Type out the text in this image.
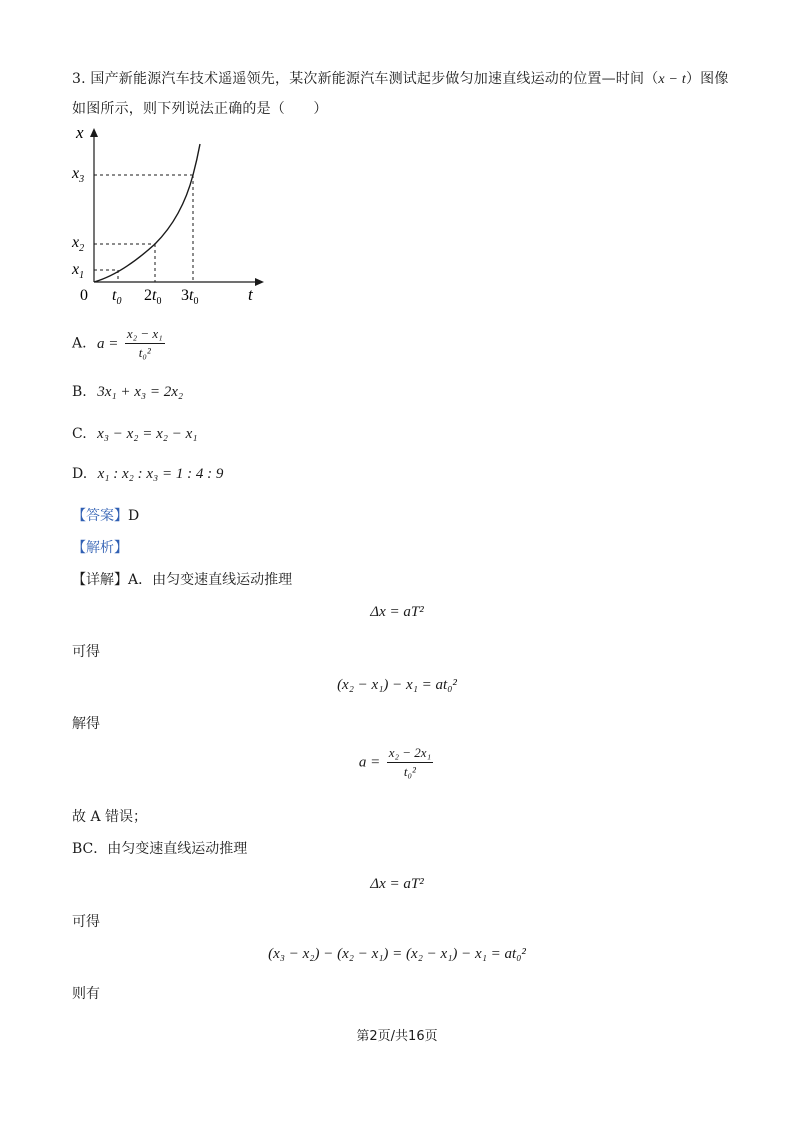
3. 国产新能源汽车技术遥遥领先，某次新能源汽车测试起步做匀加速直线运动的位置—时间（x − t）图像
如图所示，则下列说法正确的是（　　）
x
t
0
$x_1$
$x_2$
$x_3$
$t_0$ $2t_0$ $3t_0$
A. $a = \frac{\text{x₂ − x₁}}{\text{t₀²}}$
B. 3x₁ + x₃ = 2x₂
C. x₃ − x₂ = x₂ − x₁
D. x₁ : x₂ : x₃ = 1 : 4 : 9
【答案】D
【解析】
【详解】A．由匀变速直线运动推理
Δx = aT²
可得
(x₂ − x₁) − x₁ = at₀²
解得
$a = \frac{\text{x₂ − 2x₁}}{\text{t₀²}}$
故 A 错误；
BC．由匀变速直线运动推理
Δx = aT²
可得
(x₃ − x₂) − (x₂ − x₁) = (x₂ − x₁) − x₁ = at₀²
则有
第2页/共16页
